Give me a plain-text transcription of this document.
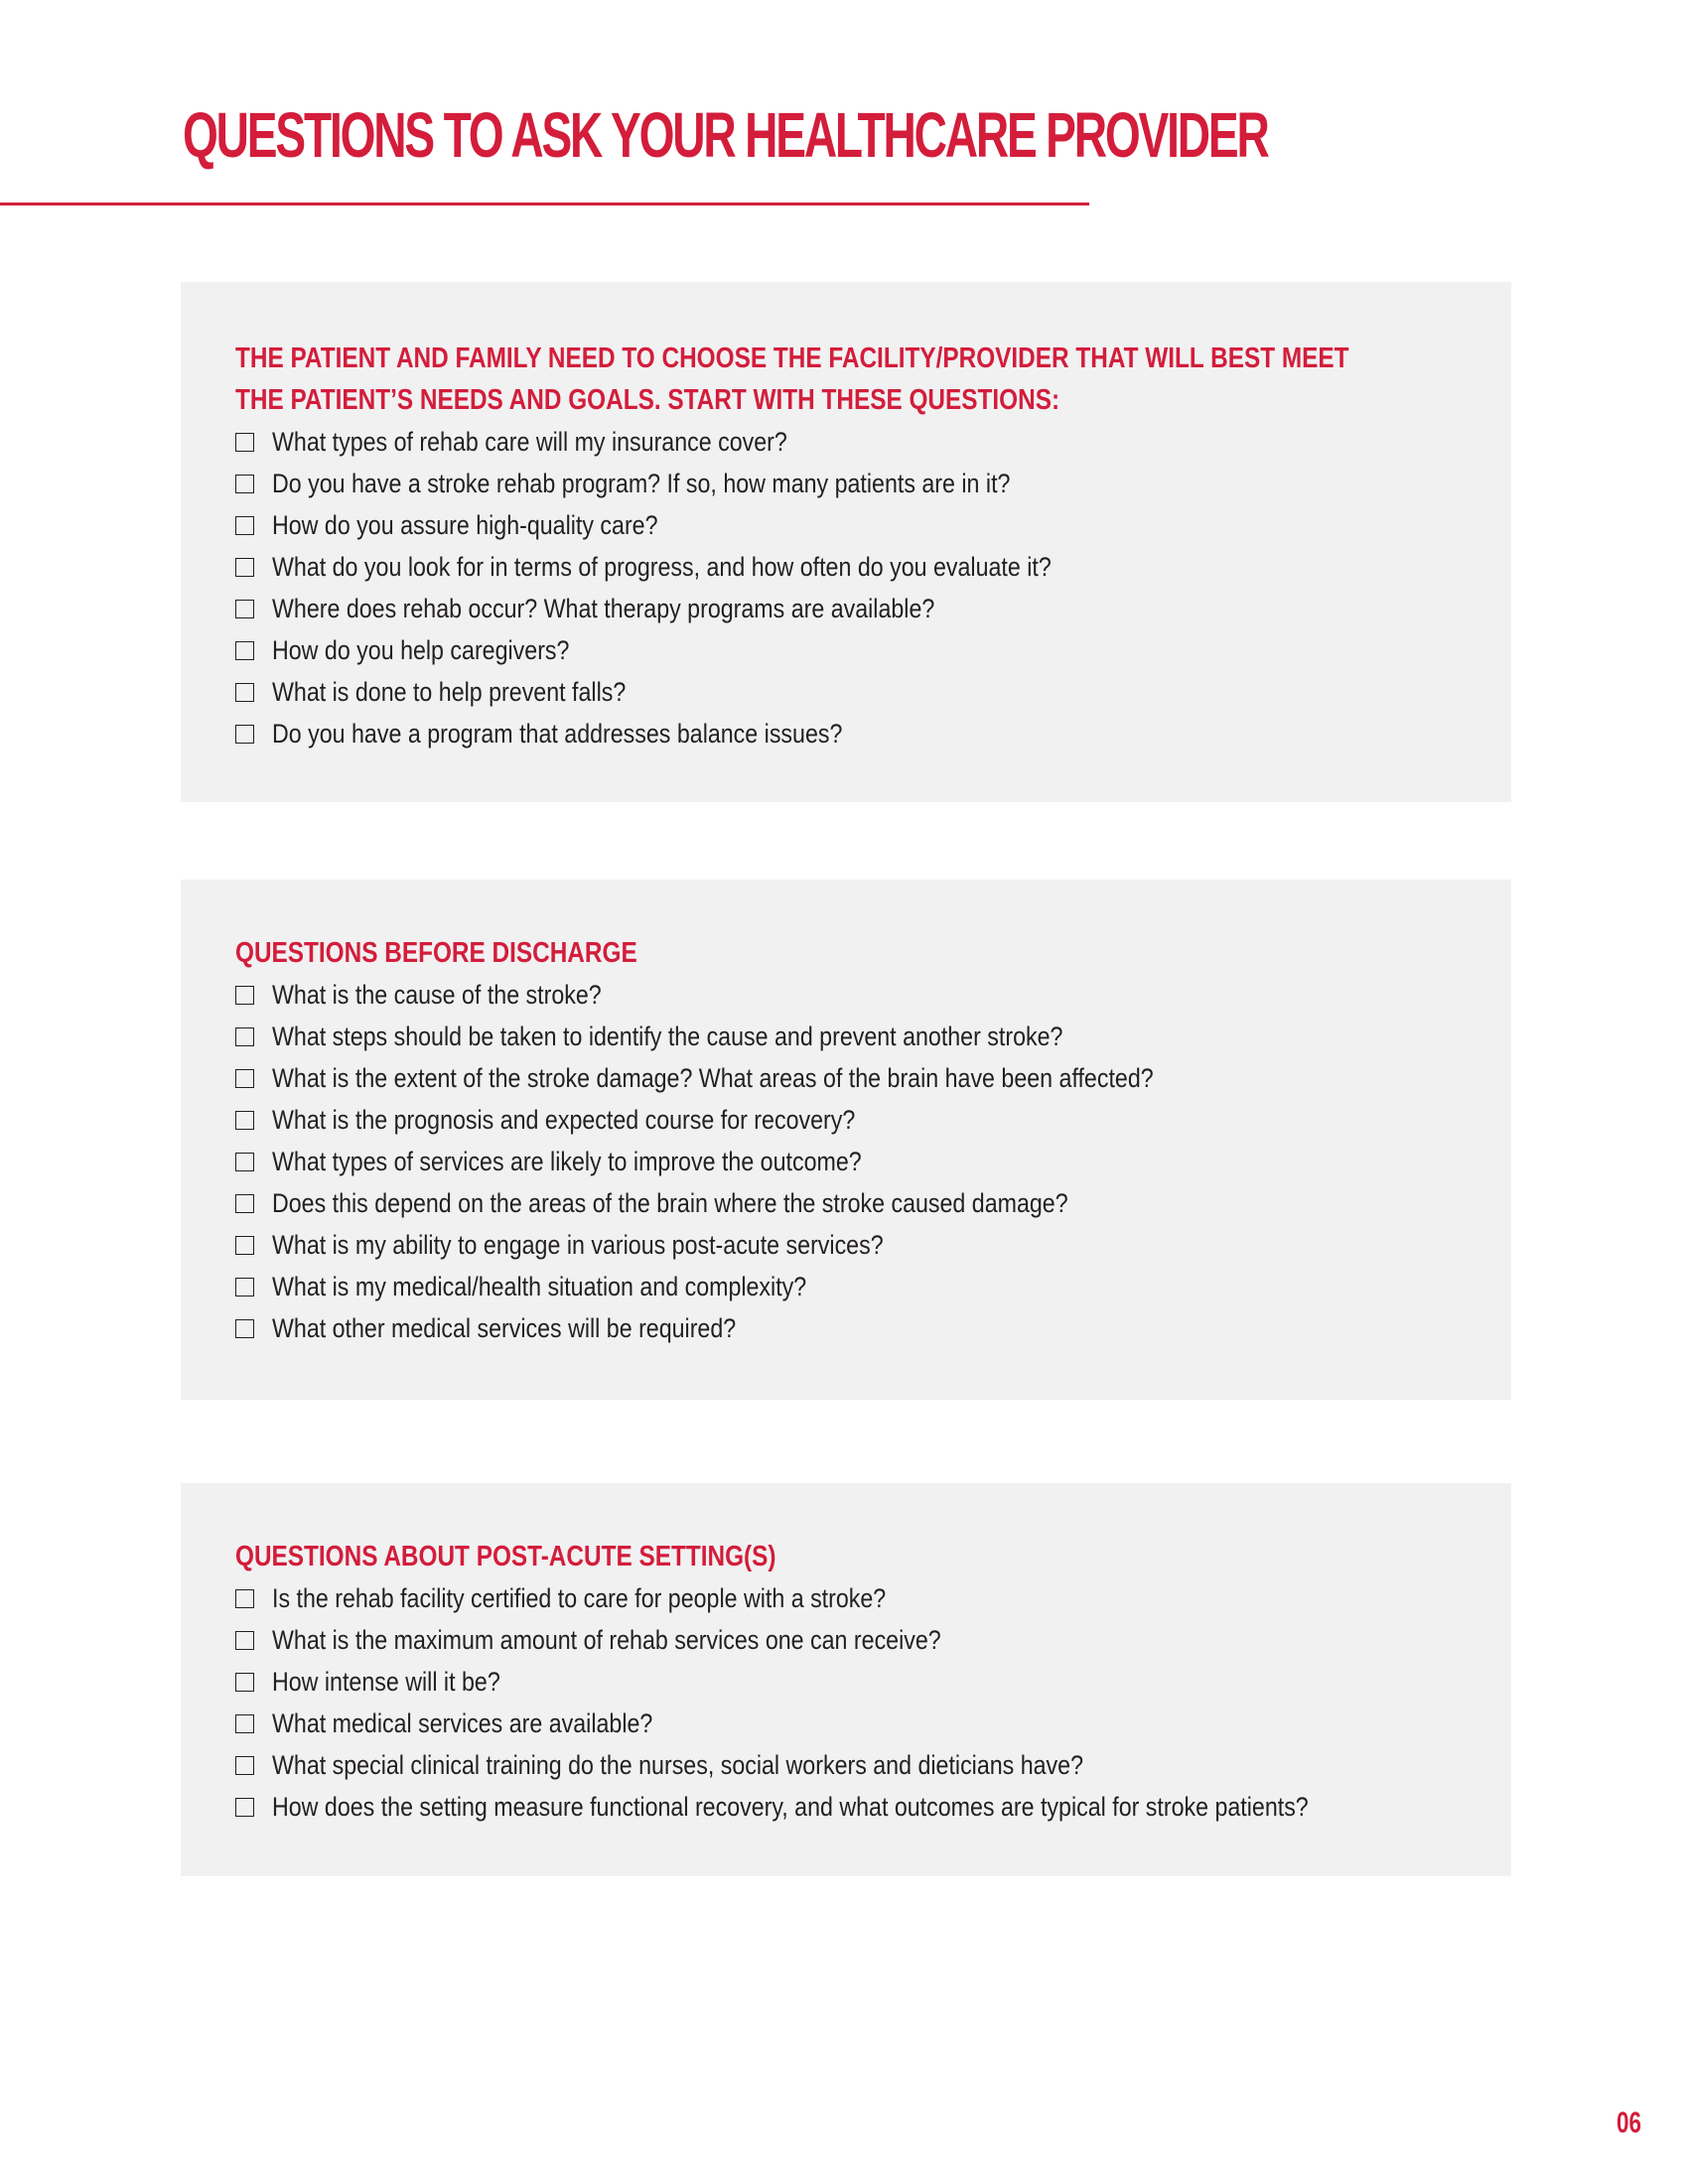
QUESTIONS TO ASK YOUR HEALTHCARE PROVIDER
THE PATIENT AND FAMILY NEED TO CHOOSE THE FACILITY/PROVIDER THAT WILL BEST MEET
THE PATIENT’S NEEDS AND GOALS. START WITH THESE QUESTIONS:
What types of rehab care will my insurance cover?
Do you have a stroke rehab program? If so, how many patients are in it?
How do you assure high-quality care?
What do you look for in terms of progress, and how often do you evaluate it?
Where does rehab occur? What therapy programs are available?
How do you help caregivers?
What is done to help prevent falls?
Do you have a program that addresses balance issues?
QUESTIONS BEFORE DISCHARGE
What is the cause of the stroke?
What steps should be taken to identify the cause and prevent another stroke?
What is the extent of the stroke damage? What areas of the brain have been affected?
What is the prognosis and expected course for recovery?
What types of services are likely to improve the outcome?
Does this depend on the areas of the brain where the stroke caused damage?
What is my ability to engage in various post-acute services?
What is my medical/health situation and complexity?
What other medical services will be required?
QUESTIONS ABOUT POST-ACUTE SETTING(S)
Is the rehab facility certified to care for people with a stroke?
What is the maximum amount of rehab services one can receive?
How intense will it be?
What medical services are available?
What special clinical training do the nurses, social workers and dieticians have?
How does the setting measure functional recovery, and what outcomes are typical for stroke patients?
06
